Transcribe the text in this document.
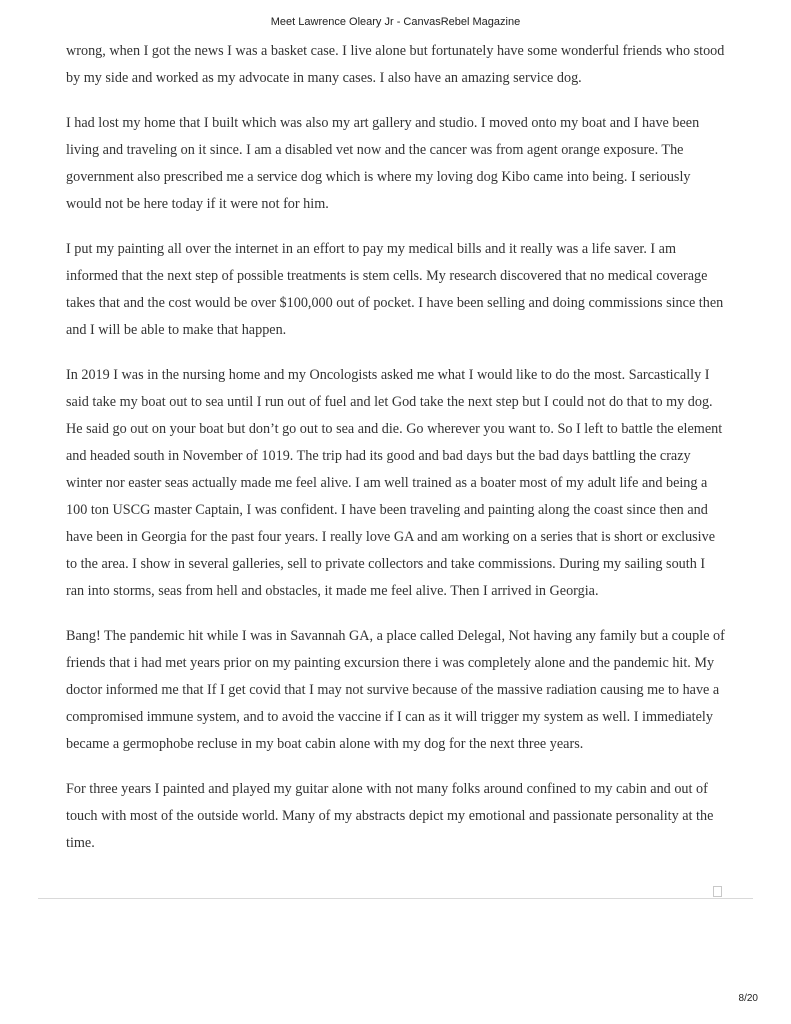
Meet Lawrence Oleary Jr - CanvasRebel Magazine

wrong, when I got the news I was a basket case. I live alone but fortunately have some wonderful friends who stood by my side and worked as my advocate in many cases. I also have an amazing service dog.

I had lost my home that I built which was also my art gallery and studio. I moved onto my boat and I have been living and traveling on it since. I am a disabled vet now and the cancer was from agent orange exposure. The government also prescribed me a service dog which is where my loving dog Kibo came into being. I seriously would not be here today if it were not for him.

I put my painting all over the internet in an effort to pay my medical bills and it really was a life saver. I am informed that the next step of possible treatments is stem cells. My research discovered that no medical coverage takes that and the cost would be over $100,000 out of pocket. I have been selling and doing commissions since then and I will be able to make that happen.

In 2019 I was in the nursing home and my Oncologists asked me what I would like to do the most. Sarcastically I said take my boat out to sea until I run out of fuel and let God take the next step but I could not do that to my dog. He said go out on your boat but don’t go out to sea and die. Go wherever you want to. So I left to battle the element and headed south in November of 1019. The trip had its good and bad days but the bad days battling the crazy winter nor easter seas actually made me feel alive. I am well trained as a boater most of my adult life and being a 100 ton USCG master Captain, I was confident. I have been traveling and painting along the coast since then and have been in Georgia for the past four years. I really love GA and am working on a series that is short or exclusive to the area. I show in several galleries, sell to private collectors and take commissions. During my sailing south I ran into storms, seas from hell and obstacles, it made me feel alive. Then I arrived in Georgia.

Bang! The pandemic hit while I was in Savannah GA, a place called Delegal, Not having any family but a couple of friends that i had met years prior on my painting excursion there i was completely alone and the pandemic hit. My doctor informed me that If I get covid that I may not survive because of the massive radiation causing me to have a compromised immune system, and to avoid the vaccine if I can as it will trigger my system as well. I immediately became a germophobe recluse in my boat cabin alone with my dog for the next three years.

For three years I painted and played my guitar alone with not many folks around confined to my cabin and out of touch with most of the outside world. Many of my abstracts depict my emotional and passionate personality at the time.

8/20
